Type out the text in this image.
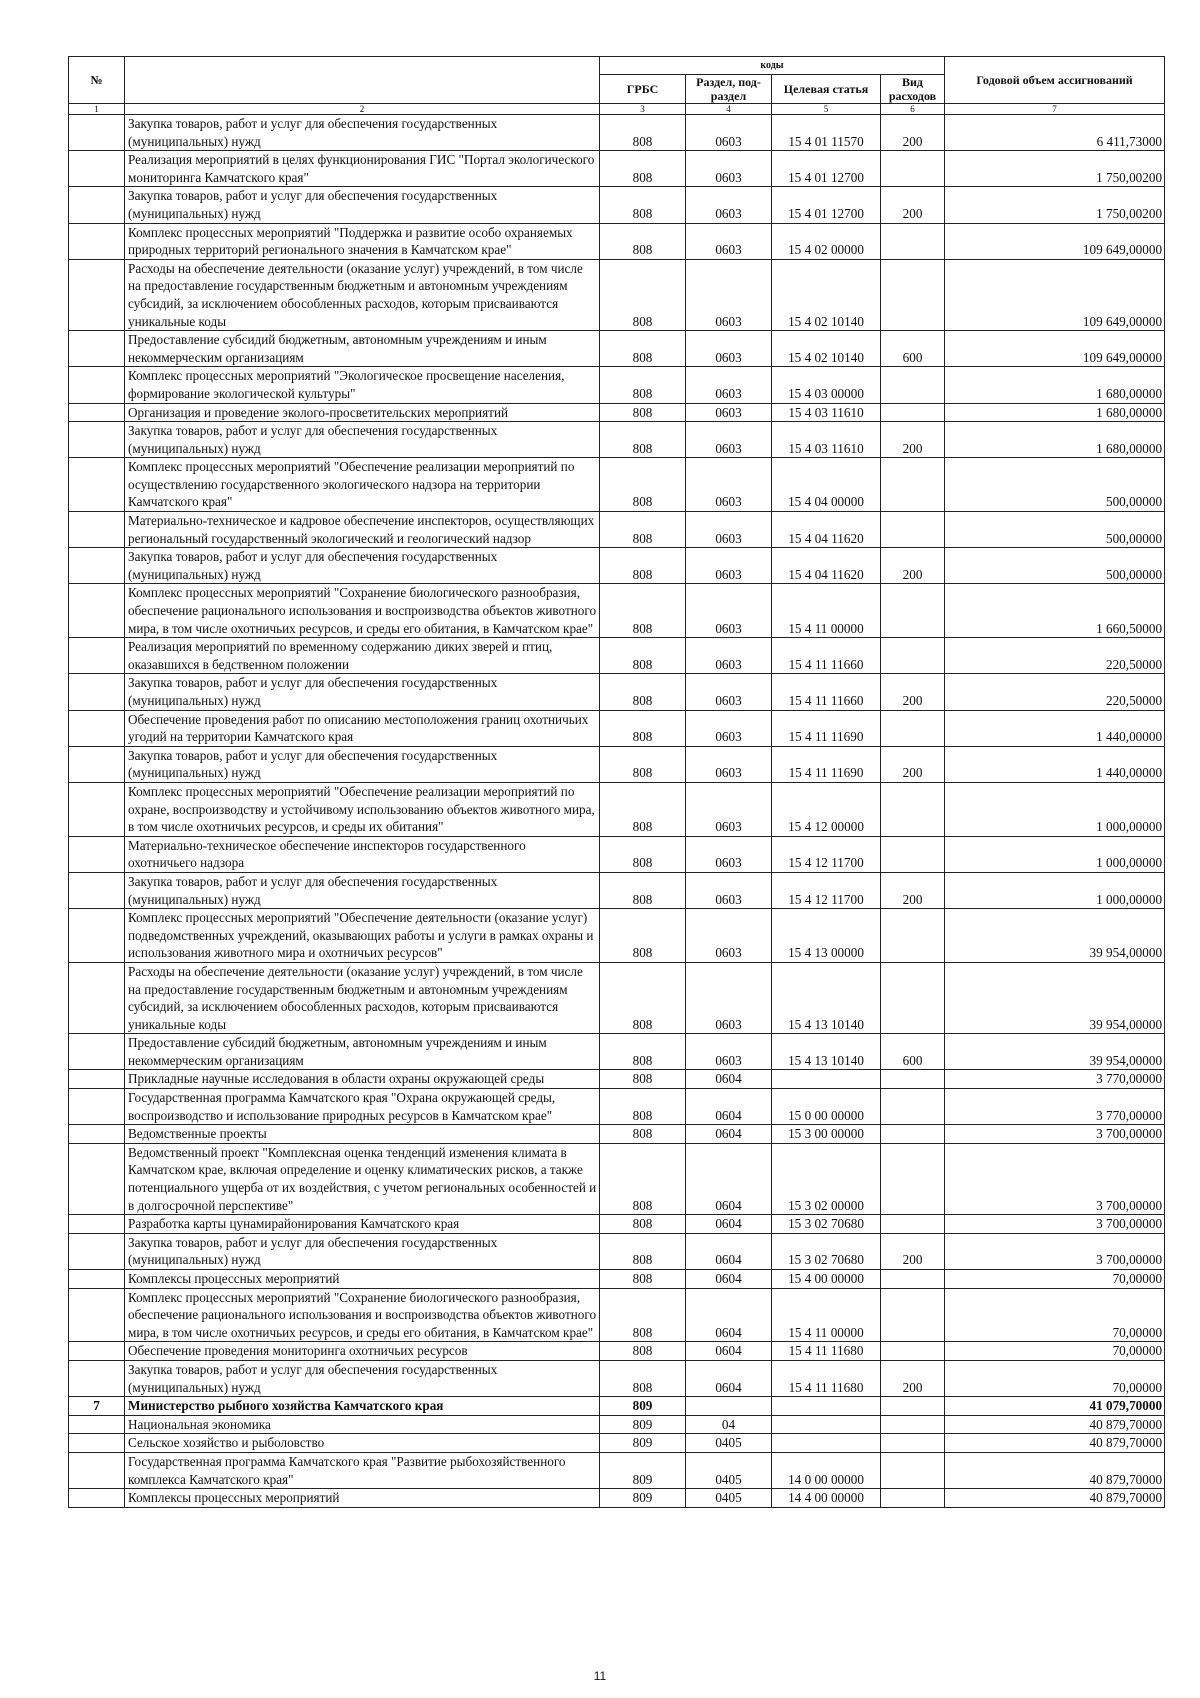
№		коды				Годовой объем ассигнований
		ГРБС	Раздел, под-раздел	Целевая статья	Вид расходов	
1	2	3	4	5	6	7
	Закупка товаров, работ и услуг для обеспечения государственных (муниципальных) нужд	808	0603	15 4 01 11570	200	6 411,73000
	Реализация мероприятий в целях функционирования ГИС "Портал экологического мониторинга Камчатского края"	808	0603	15 4 01 12700		1 750,00200
	Закупка товаров, работ и услуг для обеспечения государственных (муниципальных) нужд	808	0603	15 4 01 12700	200	1 750,00200
	Комплекс процессных мероприятий "Поддержка и развитие особо охраняемых природных территорий регионального значения в Камчатском крае"	808	0603	15 4 02 00000		109 649,00000
	Расходы на обеспечение деятельности (оказание услуг) учреждений, в том числе на предоставление государственным бюджетным и автономным учреждениям субсидий, за исключением обособленных расходов, которым присваиваются уникальные коды	808	0603	15 4 02 10140		109 649,00000
	Предоставление субсидий бюджетным, автономным учреждениям и иным некоммерческим организациям	808	0603	15 4 02 10140	600	109 649,00000
	Комплекс процессных мероприятий "Экологическое просвещение населения, формирование экологической культуры"	808	0603	15 4 03 00000		1 680,00000
	Организация и проведение эколого-просветительских мероприятий	808	0603	15 4 03 11610		1 680,00000
	Закупка товаров, работ и услуг для обеспечения государственных (муниципальных) нужд	808	0603	15 4 03 11610	200	1 680,00000
	Комплекс процессных мероприятий "Обеспечение реализации мероприятий по осуществлению государственного экологического надзора на территории Камчатского края"	808	0603	15 4 04 00000		500,00000
	Материально-техническое и кадровое обеспечение инспекторов, осуществляющих региональный государственный экологический и геологический надзор	808	0603	15 4 04 11620		500,00000
	Закупка товаров, работ и услуг для обеспечения государственных (муниципальных) нужд	808	0603	15 4 04 11620	200	500,00000
	Комплекс процессных мероприятий "Сохранение биологического разнообразия, обеспечение рационального использования и воспроизводства объектов животного мира, в том числе охотничьих ресурсов, и среды его обитания, в Камчатском крае"	808	0603	15 4 11 00000		1 660,50000
	Реализация мероприятий по временному содержанию диких зверей и птиц, оказавшихся в бедственном положении	808	0603	15 4 11 11660		220,50000
	Закупка товаров, работ и услуг для обеспечения государственных (муниципальных) нужд	808	0603	15 4 11 11660	200	220,50000
	Обеспечение проведения работ по описанию местоположения границ охотничьих угодий на территории Камчатского края	808	0603	15 4 11 11690		1 440,00000
	Закупка товаров, работ и услуг для обеспечения государственных (муниципальных) нужд	808	0603	15 4 11 11690	200	1 440,00000
	Комплекс процессных мероприятий "Обеспечение реализации мероприятий по охране, воспроизводству и устойчивому использованию объектов животного мира, в том числе охотничьих ресурсов, и среды их обитания"	808	0603	15 4 12 00000		1 000,00000
	Материально-техническое обеспечение инспекторов государственного охотничьего надзора	808	0603	15 4 12 11700		1 000,00000
	Закупка товаров, работ и услуг для обеспечения государственных (муниципальных) нужд	808	0603	15 4 12 11700	200	1 000,00000
	Комплекс процессных мероприятий "Обеспечение деятельности (оказание услуг) подведомственных учреждений, оказывающих работы и услуги в рамках охраны и использования животного мира и охотничьих ресурсов"	808	0603	15 4 13 00000		39 954,00000
	Расходы на обеспечение деятельности (оказание услуг) учреждений, в том числе на предоставление государственным бюджетным и автономным учреждениям субсидий, за исключением обособленных расходов, которым присваиваются уникальные коды	808	0603	15 4 13 10140		39 954,00000
	Предоставление субсидий бюджетным, автономным учреждениям и иным некоммерческим организациям	808	0603	15 4 13 10140	600	39 954,00000
	Прикладные научные исследования в области охраны окружающей среды	808	0604			3 770,00000
	Государственная программа Камчатского края "Охрана окружающей среды, воспроизводство и использование природных ресурсов в Камчатском крае"	808	0604	15 0 00 00000		3 770,00000
	Ведомственные проекты	808	0604	15 3 00 00000		3 700,00000
	Ведомственный проект "Комплексная оценка тенденций изменения климата в Камчатском крае, включая определение и оценку климатических рисков, а также потенциального ущерба от их воздействия, с учетом региональных особенностей и в долгосрочной перспективе"	808	0604	15 3 02 00000		3 700,00000
	Разработка карты цунамирайонирования Камчатского края	808	0604	15 3 02 70680		3 700,00000
	Закупка товаров, работ и услуг для обеспечения государственных (муниципальных) нужд	808	0604	15 3 02 70680	200	3 700,00000
	Комплексы процессных мероприятий	808	0604	15 4 00 00000		70,00000
	Комплекс процессных мероприятий "Сохранение биологического разнообразия, обеспечение рационального использования и воспроизводства объектов животного мира, в том числе охотничьих ресурсов, и среды его обитания, в Камчатском крае"	808	0604	15 4 11 00000		70,00000
	Обеспечение проведения мониторинга охотничьих ресурсов	808	0604	15 4 11 11680		70,00000
	Закупка товаров, работ и услуг для обеспечения государственных (муниципальных) нужд	808	0604	15 4 11 11680	200	70,00000
7	Министерство рыбного хозяйства Камчатского края	809				41 079,70000
	Национальная экономика	809	04			40 879,70000
	Сельское хозяйство и рыболовство	809	0405			40 879,70000
	Государственная программа Камчатского края "Развитие рыбохозяйственного комплекса Камчатского края"	809	0405	14 0 00 00000		40 879,70000
	Комплексы процессных мероприятий	809	0405	14 4 00 00000		40 879,70000
11
